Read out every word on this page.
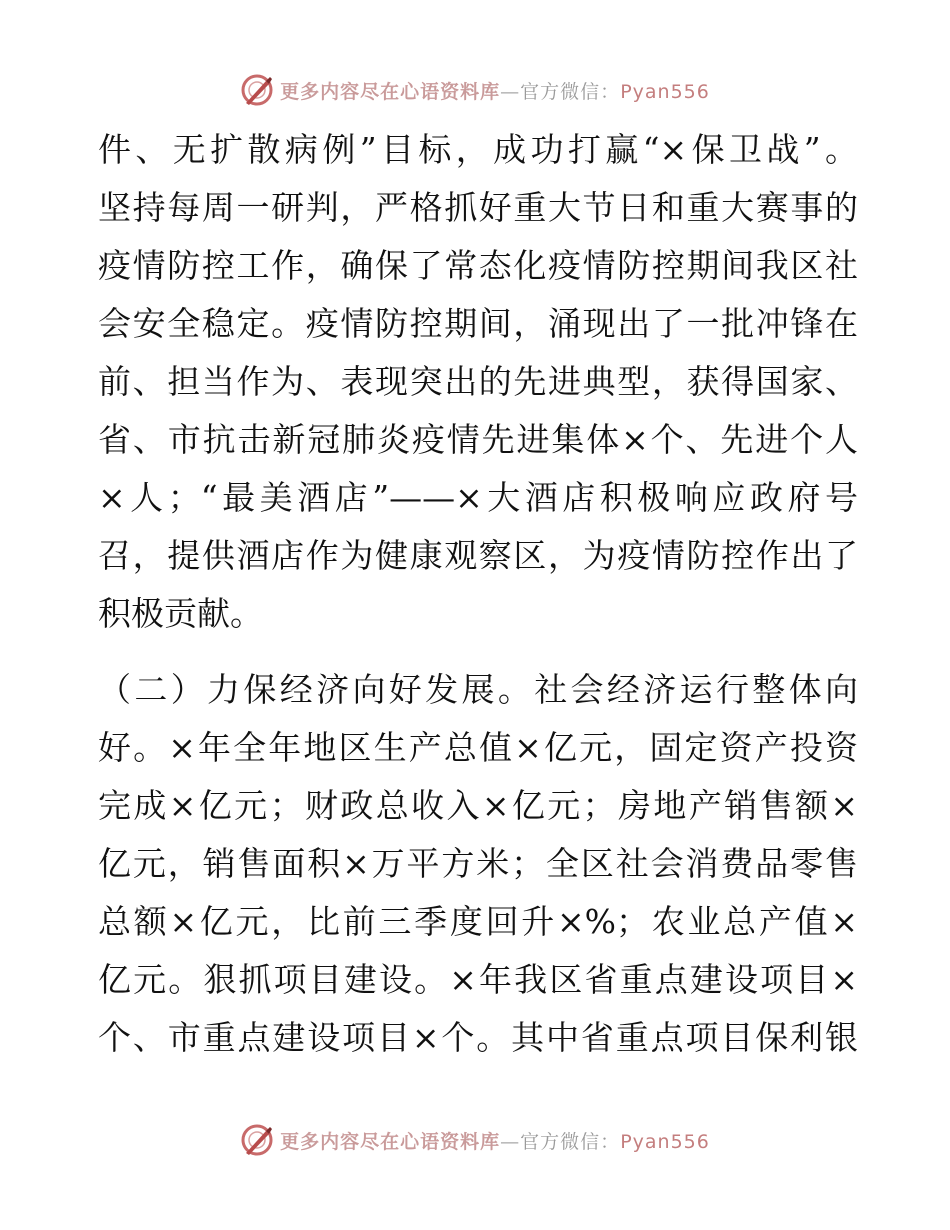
更多内容尽在心语资料库—官方微信：Pyan556
件、无扩散病例”目标，成功打赢“×保卫战”。
坚持每周一研判，严格抓好重大节日和重大赛事的
疫情防控工作，确保了常态化疫情防控期间我区社
会安全稳定。疫情防控期间，涌现出了一批冲锋在
前、担当作为、表现突出的先进典型，获得国家、
省、市抗击新冠肺炎疫情先进集体×个、先进个人
×人；“最美酒店”——×大酒店积极响应政府号
召，提供酒店作为健康观察区，为疫情防控作出了
积极贡献。
（二）力保经济向好发展。社会经济运行整体向
好。×年全年地区生产总值×亿元，固定资产投资
完成×亿元；财政总收入×亿元；房地产销售额×
亿元，销售面积×万平方米；全区社会消费品零售
总额×亿元，比前三季度回升×%；农业总产值×
亿元。狠抓项目建设。×年我区省重点建设项目×
个、市重点建设项目×个。其中省重点项目保利银
更多内容尽在心语资料库—官方微信：Pyan556
